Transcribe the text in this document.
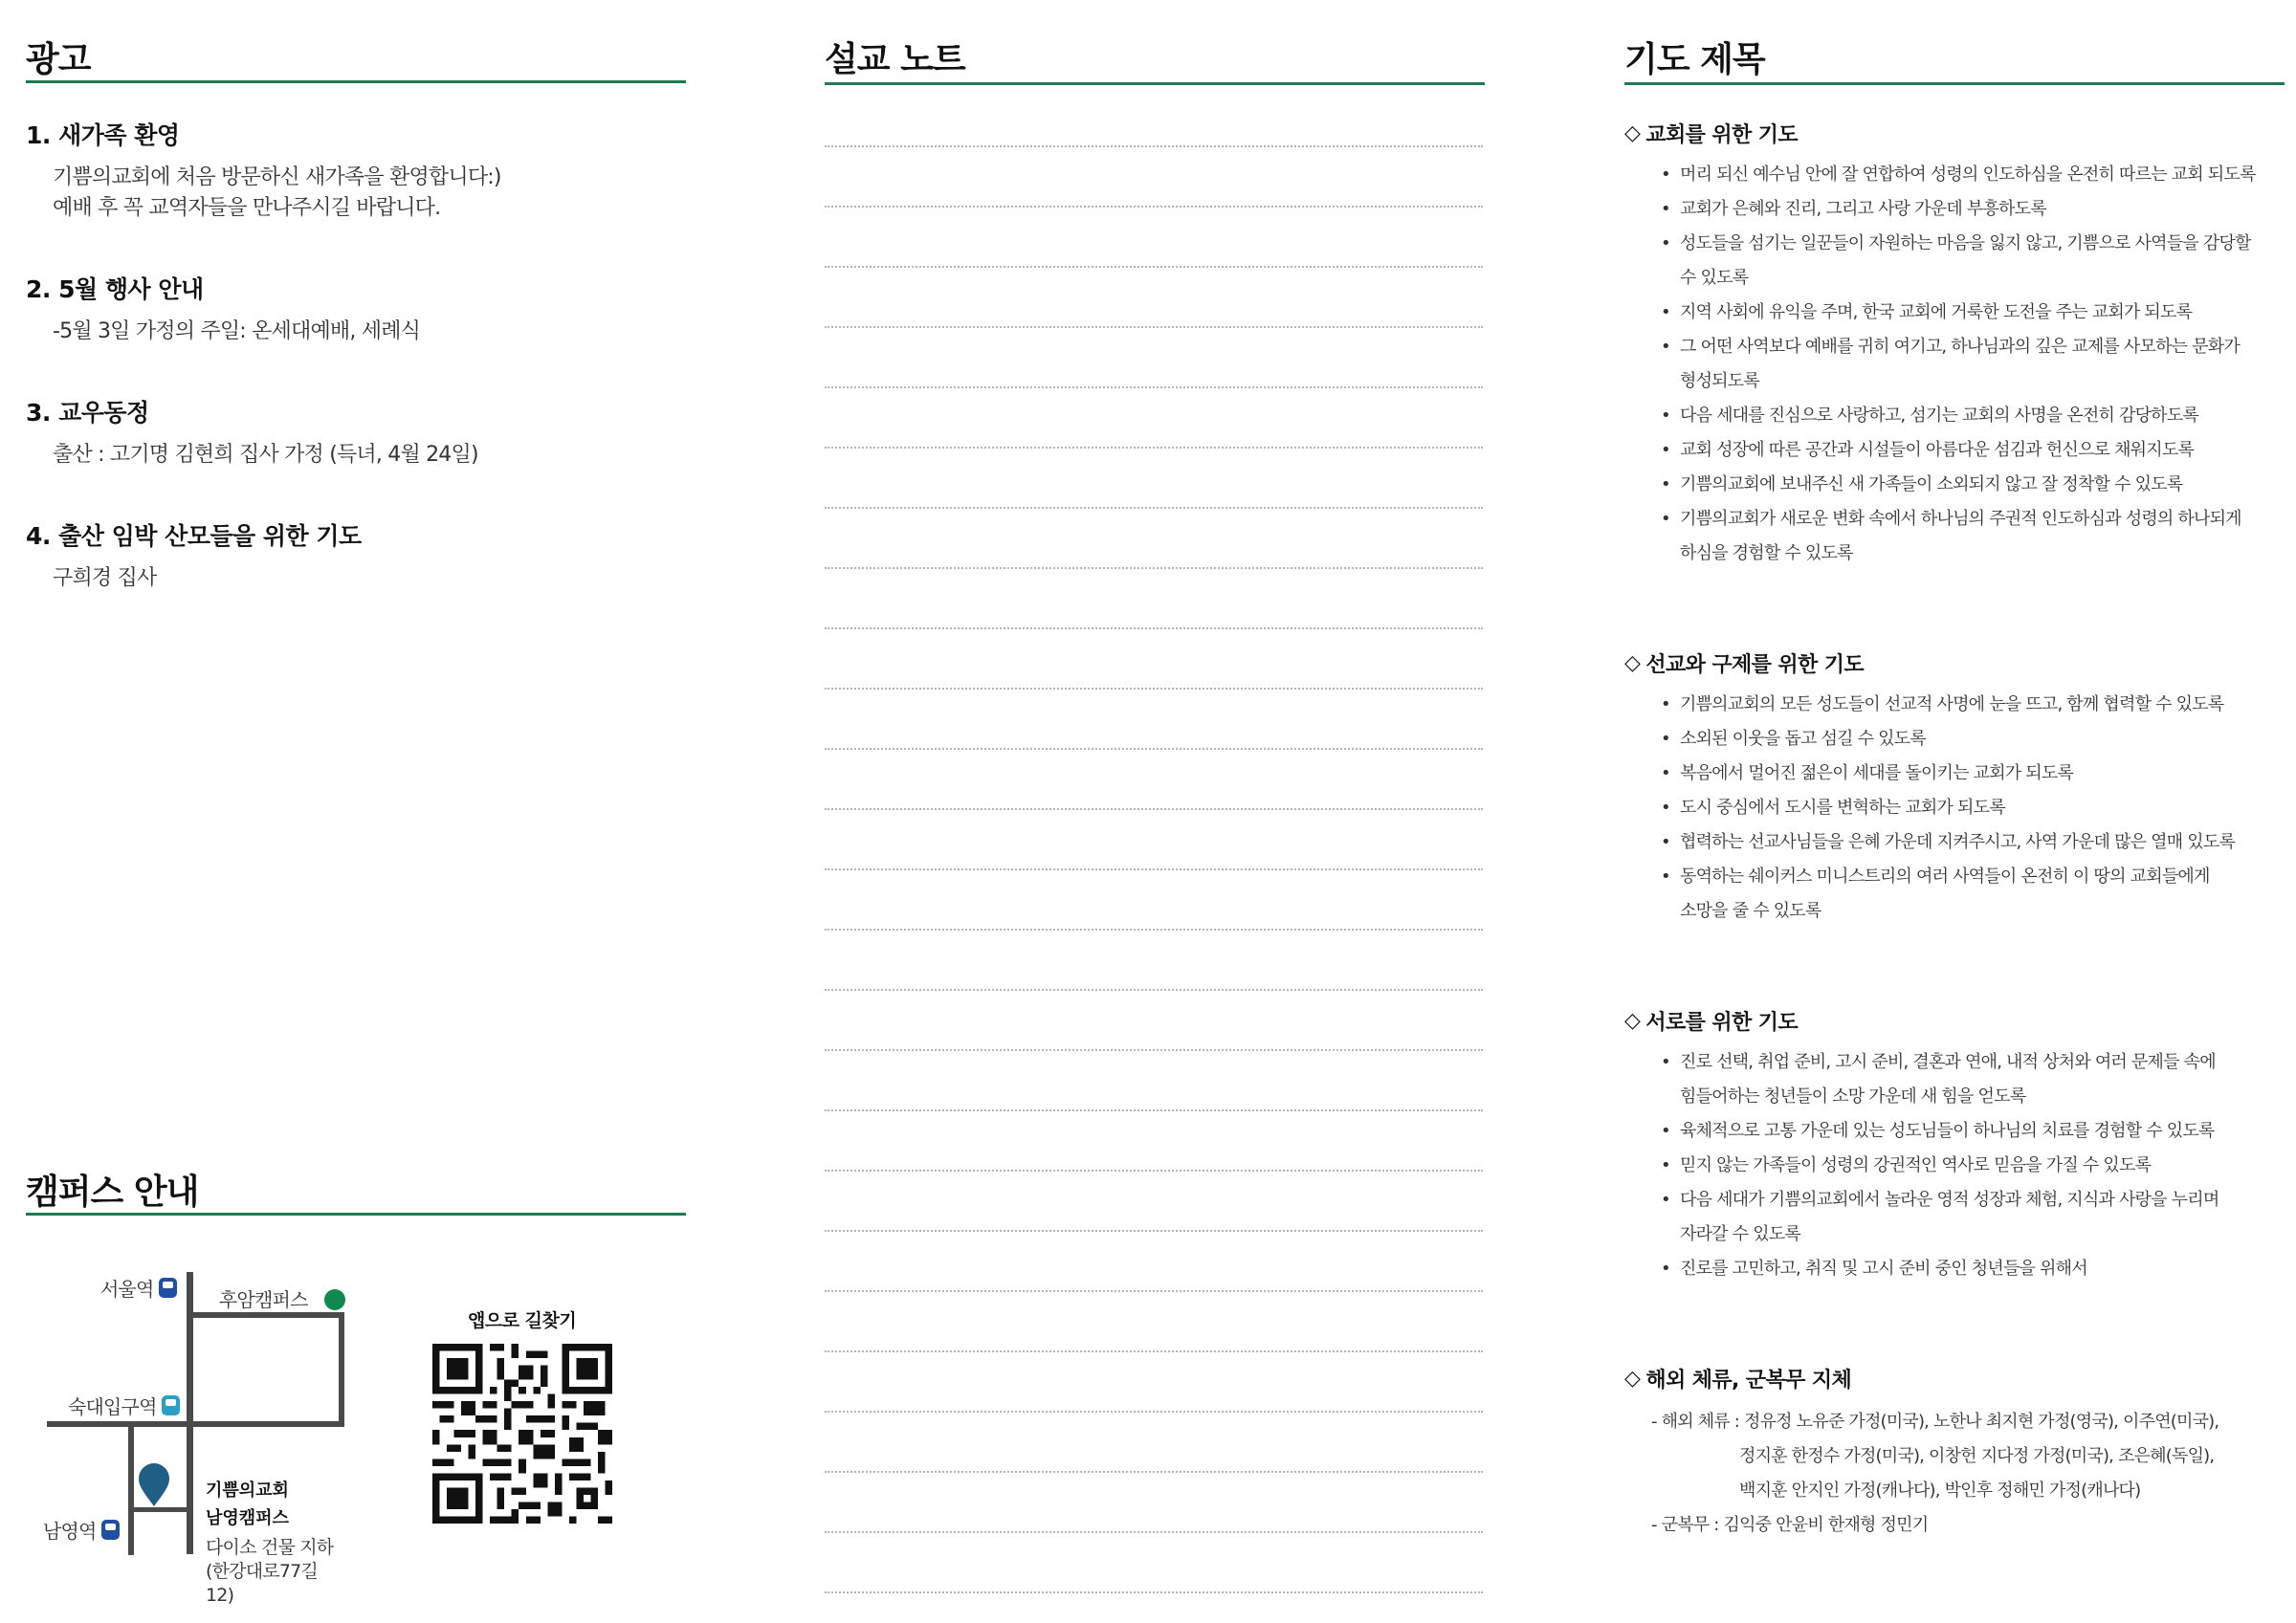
광고
1. 새가족 환영
기쁨의교회에 처음 방문하신 새가족을 환영합니다:)
예배 후 꼭 교역자들을 만나주시길 바랍니다.
2. 5월 행사 안내
-5월 3일 가정의 주일: 온세대예배, 세례식
3. 교우동정
출산 : 고기명 김현희 집사 가정 (득녀, 4월 24일)
4. 출산 임박 산모들을 위한 기도
구희경 집사
캠퍼스 안내
서울역
숙대입구역
남영역
후암캠퍼스
기쁨의교회
남영캠퍼스
다이소 건물 지하
(한강대로77길
12)
앱으로 길찾기
설교 노트	기도 제목
◇ 교회를 위한 기도
• 머리 되신 예수님 안에 잘 연합하여 성령의 인도하심을 온전히 따르는 교회 되도록
• 교회가 은혜와 진리, 그리고 사랑 가운데 부흥하도록
• 성도들을 섬기는 일꾼들이 자원하는 마음을 잃지 않고, 기쁨으로 사역들을 감당할
수 있도록
• 지역 사회에 유익을 주며, 한국 교회에 거룩한 도전을 주는 교회가 되도록
• 그 어떤 사역보다 예배를 귀히 여기고, 하나님과의 깊은 교제를 사모하는 문화가
형성되도록
• 다음 세대를 진심으로 사랑하고, 섬기는 교회의 사명을 온전히 감당하도록
• 교회 성장에 따른 공간과 시설들이 아름다운 섬김과 헌신으로 채워지도록
• 기쁨의교회에 보내주신 새 가족들이 소외되지 않고 잘 정착할 수 있도록
• 기쁨의교회가 새로운 변화 속에서 하나님의 주권적 인도하심과 성령의 하나되게
하심을 경험할 수 있도록
◇ 선교와 구제를 위한 기도
• 기쁨의교회의 모든 성도들이 선교적 사명에 눈을 뜨고, 함께 협력할 수 있도록
• 소외된 이웃을 돕고 섬길 수 있도록
• 복음에서 멀어진 젊은이 세대를 돌이키는 교회가 되도록
• 도시 중심에서 도시를 변혁하는 교회가 되도록
• 협력하는 선교사님들을 은혜 가운데 지켜주시고, 사역 가운데 많은 열매 있도록
• 동역하는 쉐이커스 미니스트리의 여러 사역들이 온전히 이 땅의 교회들에게
소망을 줄 수 있도록
◇ 서로를 위한 기도
• 진로 선택, 취업 준비, 고시 준비, 결혼과 연애, 내적 상처와 여러 문제들 속에
힘들어하는 청년들이 소망 가운데 새 힘을 얻도록
• 육체적으로 고통 가운데 있는 성도님들이 하나님의 치료를 경험할 수 있도록
• 믿지 않는 가족들이 성령의 강권적인 역사로 믿음을 가질 수 있도록
• 다음 세대가 기쁨의교회에서 놀라운 영적 성장과 체험, 지식과 사랑을 누리며
자라갈 수 있도록
• 진로를 고민하고, 취직 및 고시 준비 중인 청년들을 위해서
◇ 해외 체류, 군복무 지체
- 해외 체류 : 정유정 노유준 가정(미국), 노한나 최지현 가정(영국), 이주연(미국),
정지훈 한정수 가정(미국), 이창헌 지다정 가정(미국), 조은혜(독일),
백지훈 안지인 가정(캐나다), 박인후 정해민 가정(캐나다)
- 군복무 : 김익중 안윤비 한재형 정민기
